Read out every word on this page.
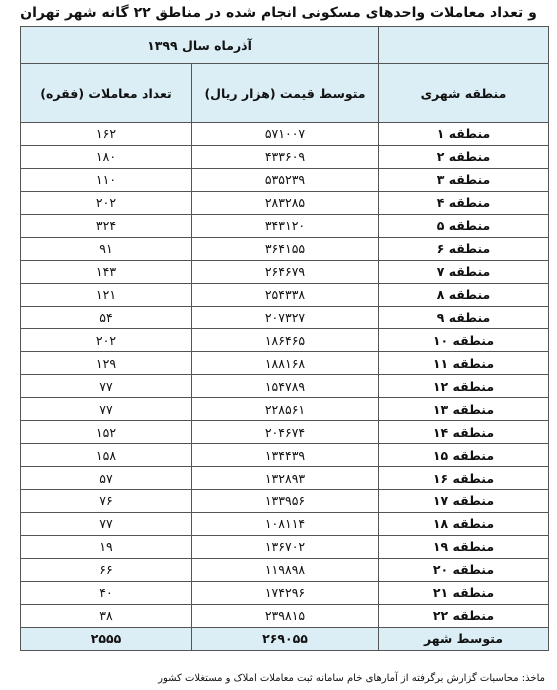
و تعداد معاملات واحدهای مسکونی انجام شده در مناطق ۲۲ گانه شهر تهران
	آذرماه سال ۱۳۹۹	
منطقه شهری	متوسط قیمت (هزار ریال)	تعداد معاملات (فقره)
منطقه ۱	۵۷۱۰۰۷	۱۶۲
منطقه ۲	۴۳۳۶۰۹	۱۸۰
منطقه ۳	۵۳۵۲۳۹	۱۱۰
منطقه ۴	۲۸۳۲۸۵	۲۰۲
منطقه ۵	۳۴۳۱۲۰	۳۲۴
منطقه ۶	۳۶۴۱۵۵	۹۱
منطقه ۷	۲۶۴۶۷۹	۱۴۳
منطقه ۸	۲۵۴۳۳۸	۱۲۱
منطقه ۹	۲۰۷۳۲۷	۵۴
منطقه ۱۰	۱۸۶۴۶۵	۲۰۲
منطقه ۱۱	۱۸۸۱۶۸	۱۲۹
منطقه ۱۲	۱۵۴۷۸۹	۷۷
منطقه ۱۳	۲۲۸۵۶۱	۷۷
منطقه ۱۴	۲۰۴۶۷۴	۱۵۲
منطقه ۱۵	۱۳۴۴۳۹	۱۵۸
منطقه ۱۶	۱۳۲۸۹۳	۵۷
منطقه ۱۷	۱۳۳۹۵۶	۷۶
منطقه ۱۸	۱۰۸۱۱۴	۷۷
منطقه ۱۹	۱۳۶۷۰۲	۱۹
منطقه ۲۰	۱۱۹۸۹۸	۶۶
منطقه ۲۱	۱۷۴۲۹۶	۴۰
منطقه ۲۲	۲۳۹۸۱۵	۳۸
متوسط شهر	۲۶۹۰۵۵	۲۵۵۵
ماخذ: محاسبات گزارش برگرفته از آمارهای خام سامانه ثبت معاملات املاک و مستغلات کشور
